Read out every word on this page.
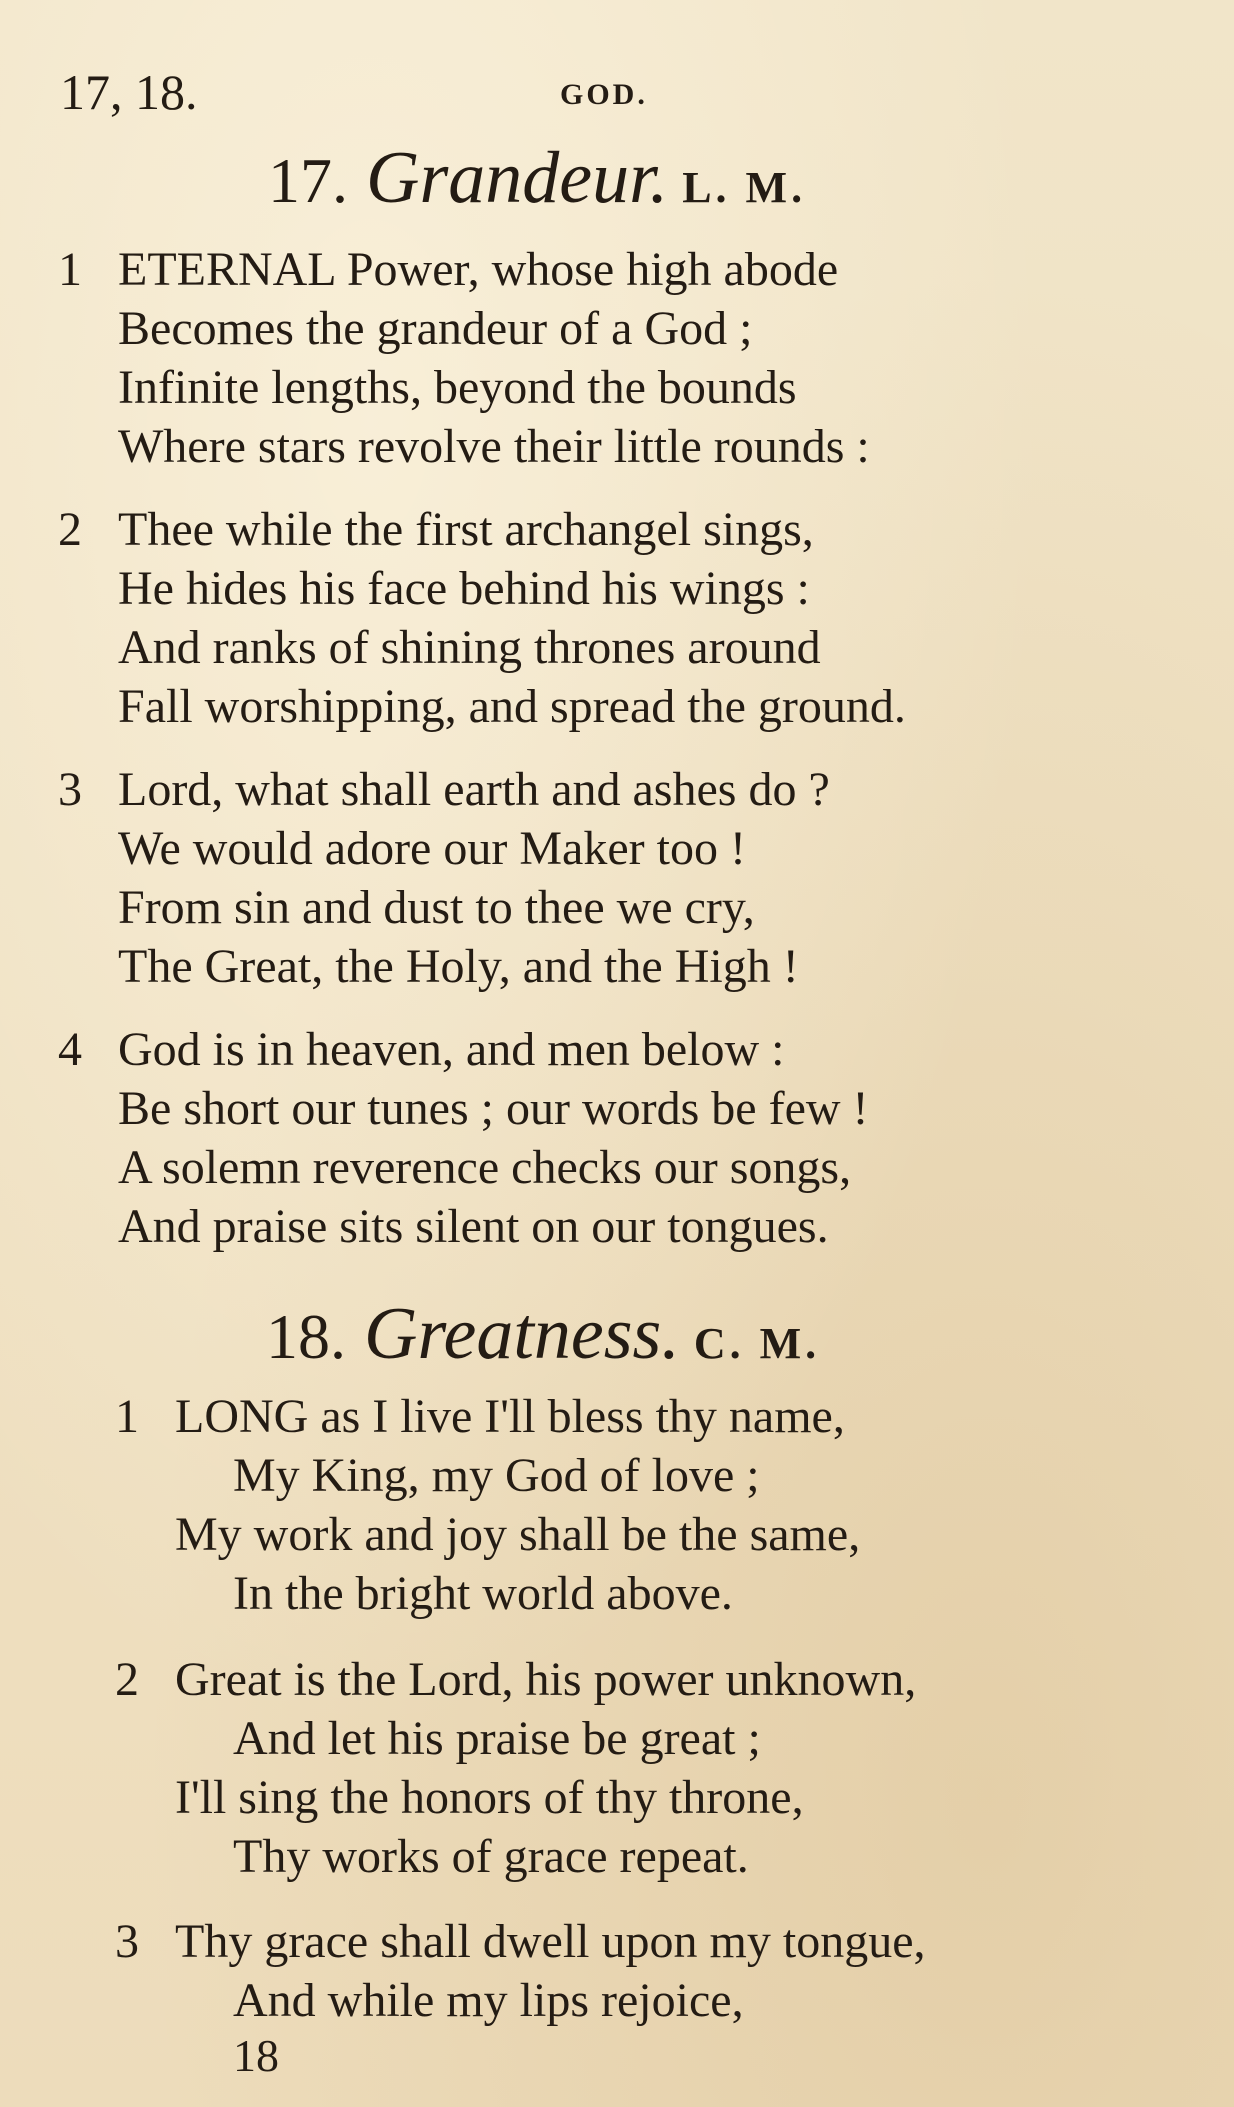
17, 18.	GOD.
17. Grandeur. L. M.
1 ETERNAL Power, whose high abode
Becomes the grandeur of a God ;
Infinite lengths, beyond the bounds
Where stars revolve their little rounds :
2 Thee while the first archangel sings,
He hides his face behind his wings :
And ranks of shining thrones around
Fall worshipping, and spread the ground.
3 Lord, what shall earth and ashes do ?
We would adore our Maker too !
From sin and dust to thee we cry,
The Great, the Holy, and the High !
4 God is in heaven, and men below :
Be short our tunes ; our words be few !
A solemn reverence checks our songs,
And praise sits silent on our tongues.
18. Greatness. C. M.
1 LONG as I live I'll bless thy name,
My King, my God of love ;
My work and joy shall be the same,
In the bright world above.
2 Great is the Lord, his power unknown,
And let his praise be great ;
I'll sing the honors of thy throne,
Thy works of grace repeat.
3 Thy grace shall dwell upon my tongue,
And while my lips rejoice,
18
